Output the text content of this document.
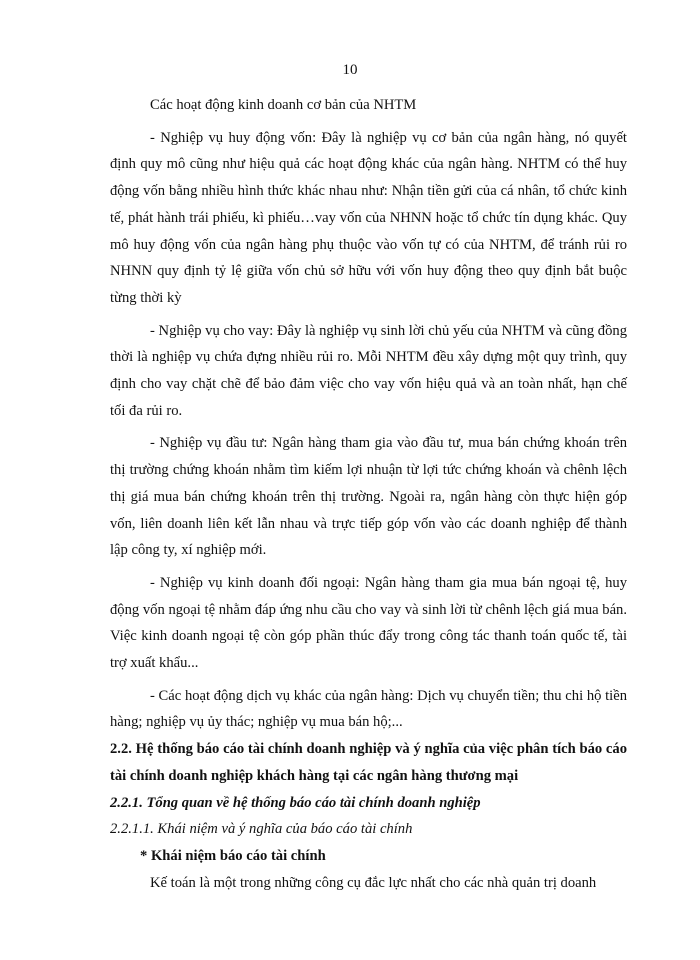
10

Các hoạt động kinh doanh cơ bản của NHTM

- Nghiệp vụ huy động vốn: Đây là nghiệp vụ cơ bản của ngân hàng, nó quyết định quy mô cũng như hiệu quả các hoạt động khác của ngân hàng. NHTM có thể huy động vốn bằng nhiều hình thức khác nhau như: Nhận tiền gửi của cá nhân, tổ chức kinh tế, phát hành trái phiếu, kì phiếu…vay vốn của NHNN hoặc tổ chức tín dụng khác. Quy mô huy động vốn của ngân hàng phụ thuộc vào vốn tự có của NHTM, để tránh rủi ro NHNN quy định tỷ lệ giữa vốn chủ sở hữu với vốn huy động theo quy định bắt buộc từng thời kỳ

- Nghiệp vụ cho vay: Đây là nghiệp vụ sinh lời chủ yếu của NHTM và cũng đồng thời là nghiệp vụ chứa đựng nhiều rủi ro. Mỗi NHTM đều xây dựng một quy trình, quy định cho vay chặt chẽ để bảo đảm việc cho vay vốn hiệu quả và an toàn nhất, hạn chế tối đa rủi ro.

- Nghiệp vụ đầu tư: Ngân hàng tham gia vào đầu tư, mua bán chứng khoán trên thị trường chứng khoán nhằm tìm kiếm lợi nhuận từ lợi tức chứng khoán và chênh lệch thị giá mua bán chứng khoán trên thị trường. Ngoài ra, ngân hàng còn thực hiện góp vốn, liên doanh liên kết lẫn nhau và trực tiếp góp vốn vào các doanh nghiệp để thành lập công ty, xí nghiệp mới.

- Nghiệp vụ kinh doanh đối ngoại: Ngân hàng tham gia mua bán ngoại tệ, huy động vốn ngoại tệ nhằm đáp ứng nhu cầu cho vay và sinh lời từ chênh lệch giá mua bán. Việc kinh doanh ngoại tệ còn góp phần thúc đẩy trong công tác thanh toán quốc tế, tài trợ xuất khẩu...

- Các hoạt động dịch vụ khác của ngân hàng: Dịch vụ chuyển tiền; thu chi hộ tiền hàng; nghiệp vụ ủy thác; nghiệp vụ mua bán hộ;...

2.2. Hệ thống báo cáo tài chính doanh nghiệp và ý nghĩa của việc phân tích báo cáo tài chính doanh nghiệp khách hàng tại các ngân hàng thương mại

2.2.1. Tổng quan về hệ thống báo cáo tài chính doanh nghiệp

2.2.1.1. Khái niệm và ý nghĩa của báo cáo tài chính

* Khái niệm báo cáo tài chính

Kế toán là một trong những công cụ đắc lực nhất cho các nhà quản trị doanh
